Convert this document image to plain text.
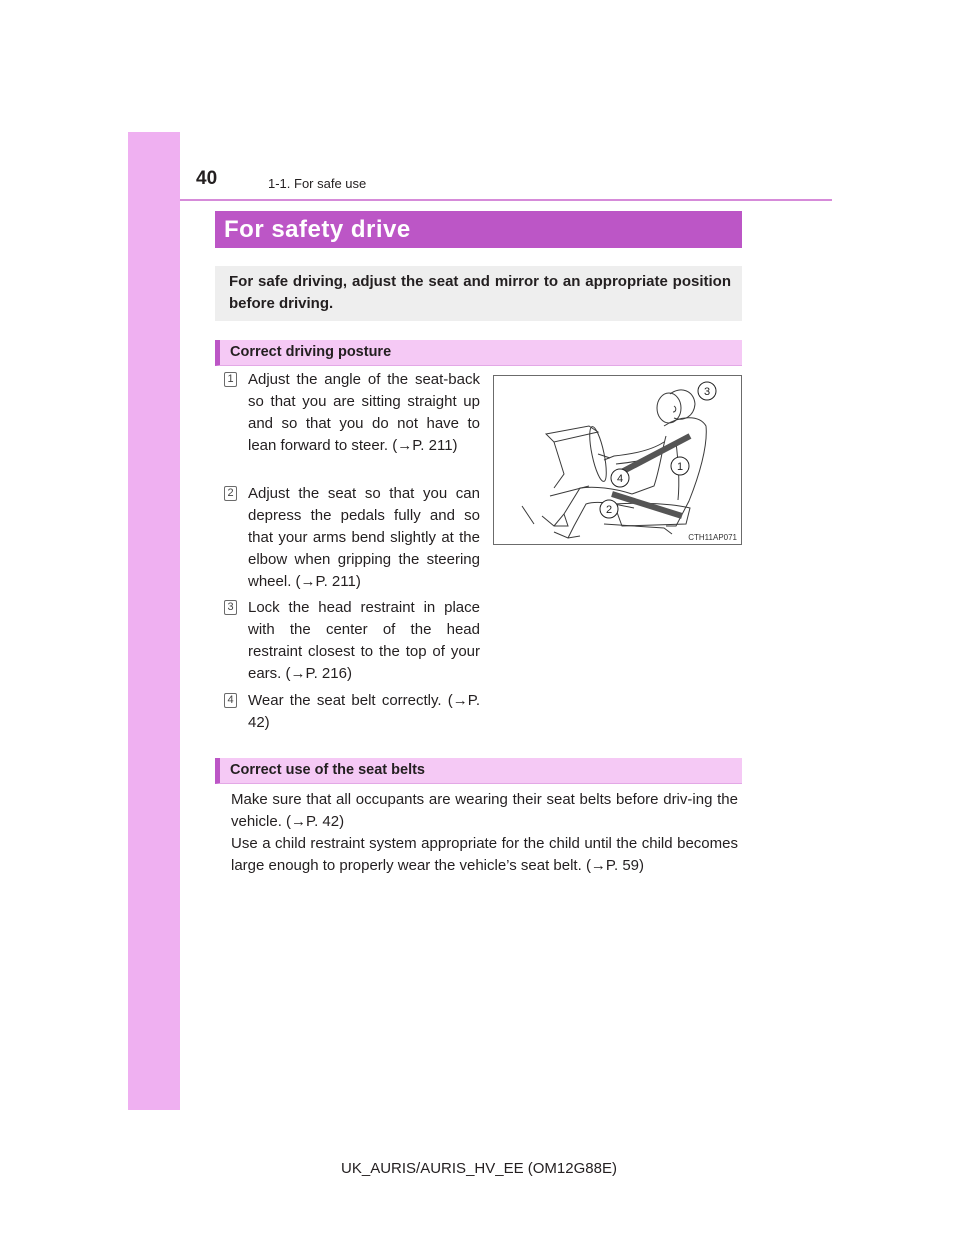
40	1-1. For safe use
For safety drive
For safe driving, adjust the seat and mirror to an appropriate position before driving.
Correct driving posture
1 Adjust the angle of the seat-back so that you are sitting straight up and so that you do not have to lean forward to steer. (→P. 211)
2 Adjust the seat so that you can depress the pedals fully and so that your arms bend slightly at the elbow when gripping the steering wheel. (→P. 211)
3 Lock the head restraint in place with the center of the head restraint closest to the top of your ears. (→P. 216)
4 Wear the seat belt correctly. (→P. 42)
3
1
4
2
CTH11AP071
Correct use of the seat belts
Make sure that all occupants are wearing their seat belts before driv-ing the vehicle. (→P. 42)
Use a child restraint system appropriate for the child until the child becomes large enough to properly wear the vehicle’s seat belt. (→P. 59)
UK_AURIS/AURIS_HV_EE (OM12G88E)
